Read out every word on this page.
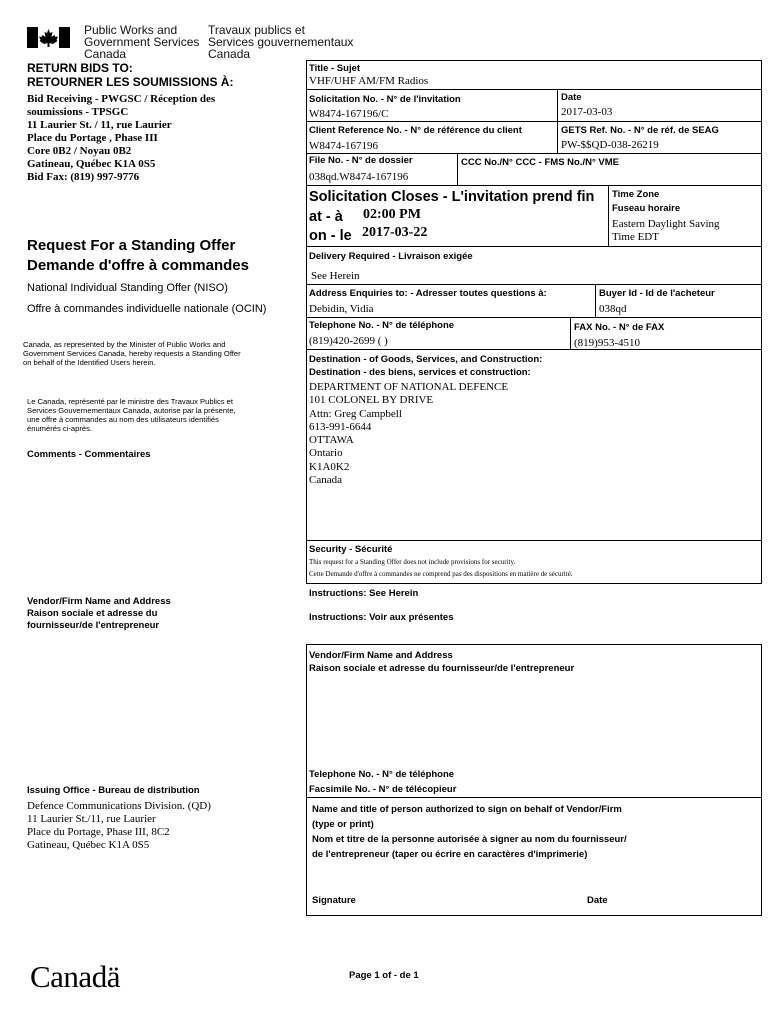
Public Works and
Government Services
Canada
Travaux publics et
Services gouvernementaux
Canada
RETURN BIDS TO:
RETOURNER LES SOUMISSIONS À:
Bid Receiving - PWGSC / Réception des
soumissions - TPSGC
11 Laurier St. / 11, rue Laurier
Place du Portage , Phase III
Core 0B2 / Noyau 0B2
Gatineau, Québec K1A 0S5
Bid Fax: (819) 997-9776
Request For a Standing Offer
Demande d'offre à commandes
National Individual Standing Offer (NISO)
Offre à commandes individuelle nationale (OCIN)
Canada, as represented by the Minister of Public Works and
Government Services Canada, hereby requests a Standing Offer
on behalf of the Identified Users herein.
Le Canada, représenté par le ministre des Travaux Publics et
Services Gouvernementaux Canada, autorise par la présente,
une offre à commandes au nom des utilisateurs identifiés
énumérés ci-après.
Comments - Commentaires
Vendor/Firm Name and Address
Raison sociale et adresse du
fournisseur/de l'entrepreneur
Issuing Office - Bureau de distribution
Defence Communications Division. (QD)
11 Laurier St./11, rue Laurier
Place du Portage, Phase III, 8C2
Gatineau, Québec K1A 0S5
Title - Sujet
VHF/UHF AM/FM Radios
Solicitation No. - N° de l'invitation
W8474-167196/C
Date
2017-03-03
Client Reference No. - N° de référence du client
W8474-167196
GETS Ref. No. - N° de réf. de SEAG
PW-$$QD-038-26219
File No. - N° de dossier
038qd.W8474-167196
CCC No./N° CCC - FMS No./N° VME
Solicitation Closes - L'invitation prend fin
at - à 02:00 PM
on - le 2017-03-22
Time Zone
Fuseau horaire
Eastern Daylight Saving
Time EDT
Delivery Required - Livraison exigée
See Herein
Address Enquiries to: - Adresser toutes questions à:
Debidin, Vidia
Buyer Id - Id de l'acheteur
038qd
Telephone No. - N° de téléphone
(819)420-2699 ( )
FAX No. - N° de FAX
(819)953-4510
Destination - of Goods, Services, and Construction:
Destination - des biens, services et construction:
DEPARTMENT OF NATIONAL DEFENCE
101 COLONEL BY DRIVE
Attn: Greg Campbell
613-991-6644
OTTAWA
Ontario
K1A0K2
Canada
Security - Sécurité
This request for a Standing Offer does not include provisions for security.
Cette Demande d'offre à commandes ne comprend pas des dispositions en matière de sécurité.
Instructions: See Herein
Instructions: Voir aux présentes
Vendor/Firm Name and Address
Raison sociale et adresse du fournisseur/de l'entrepreneur
Telephone No. - N° de téléphone
Facsimile No. - N° de télécopieur
Name and title of person authorized to sign on behalf of Vendor/Firm
(type or print)
Nom et titre de la personne autorisée à signer au nom du fournisseur/
de l'entrepreneur (taper ou écrire en caractères d'imprimerie)
Signature	Date
Canadä	Page 1 of - de 1
